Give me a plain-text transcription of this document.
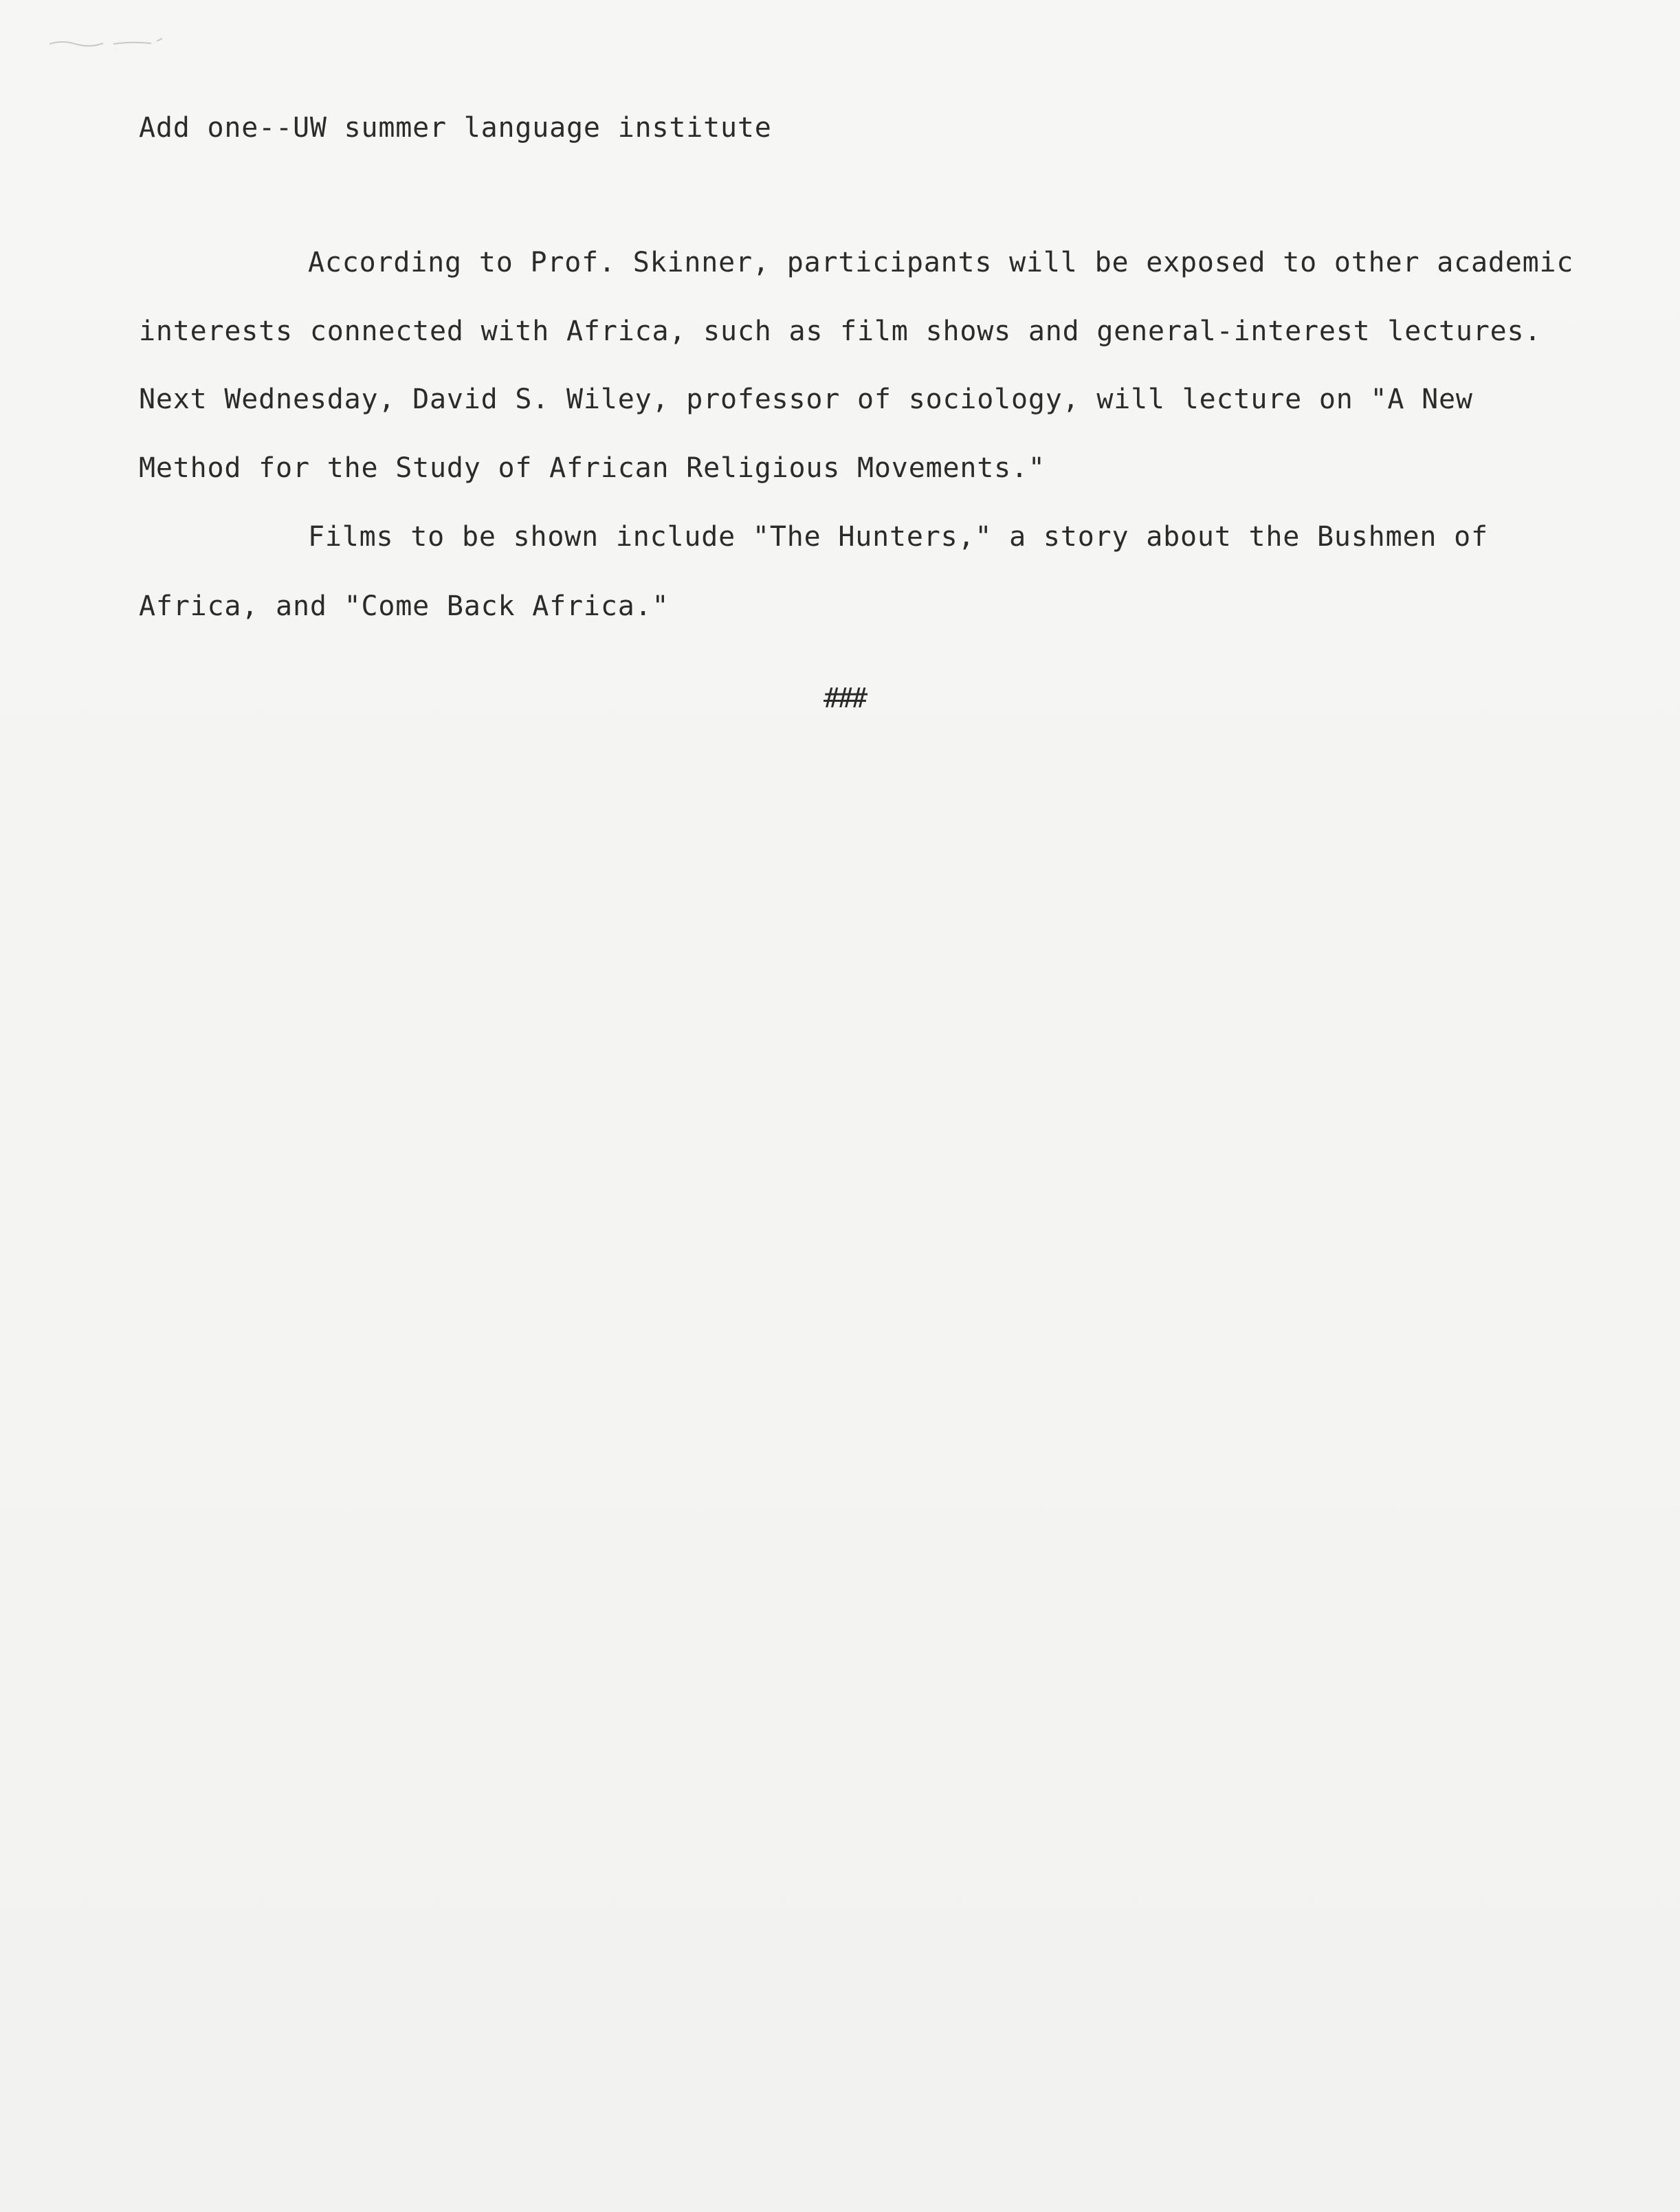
Add one--UW summer language institute
According to Prof. Skinner, participants will be exposed to other academic
interests connected with Africa, such as film shows and general-interest lectures.
Next Wednesday, David S. Wiley, professor of sociology, will lecture on "A New
Method for the Study of African Religious Movements."
Films to be shown include "The Hunters," a story about the Bushmen of
Africa, and "Come Back Africa."
###
